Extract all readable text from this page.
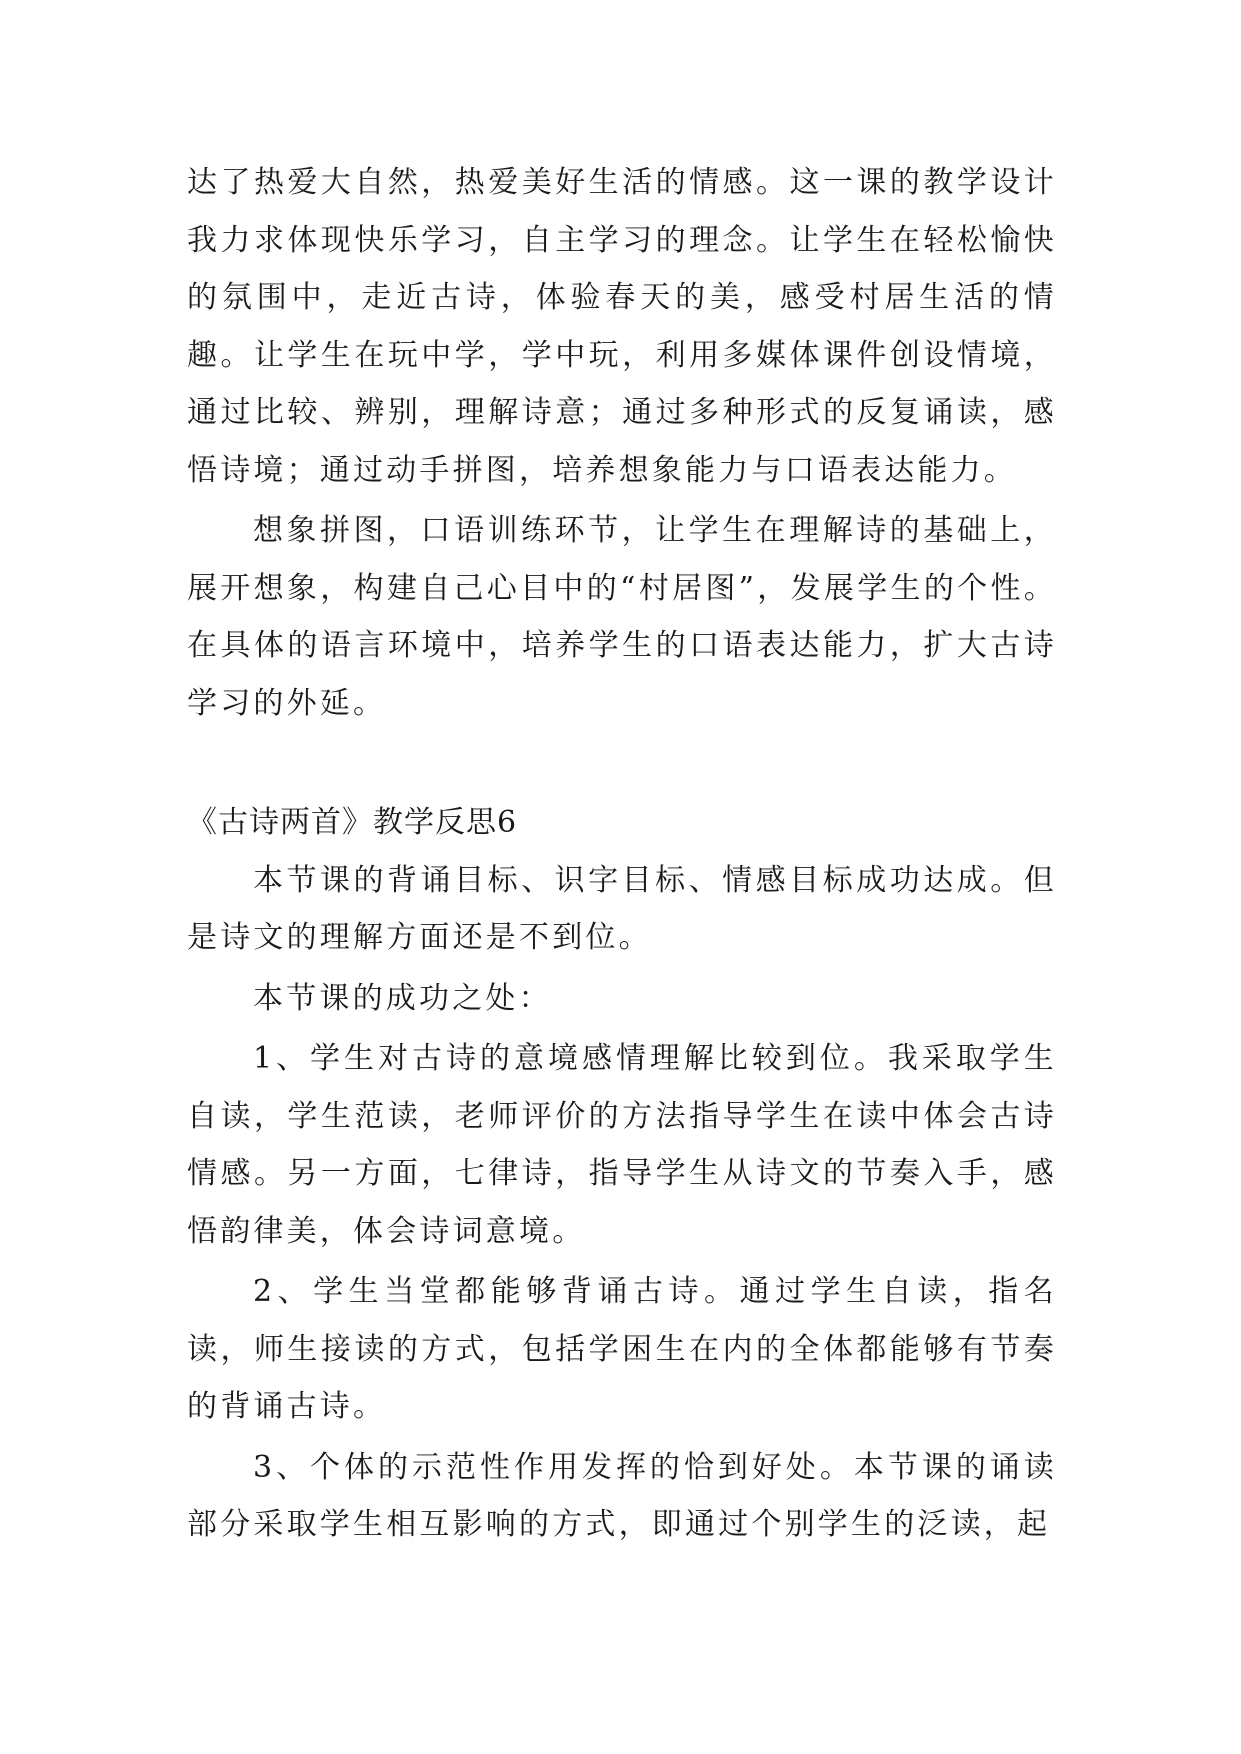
达了热爱大自然，热爱美好生活的情感。这一课的教学设计我力求体现快乐学习，自主学习的理念。让学生在轻松愉快的氛围中，走近古诗，体验春天的美，感受村居生活的情趣。让学生在玩中学，学中玩，利用多媒体课件创设情境，通过比较、辨别，理解诗意；通过多种形式的反复诵读，感悟诗境；通过动手拼图，培养想象能力与口语表达能力。

想象拼图，口语训练环节，让学生在理解诗的基础上，展开想象，构建自己心目中的“村居图”，发展学生的个性。在具体的语言环境中，培养学生的口语表达能力，扩大古诗学习的外延。

《古诗两首》教学反思6

本节课的背诵目标、识字目标、情感目标成功达成。但是诗文的理解方面还是不到位。

本节课的成功之处：

1、学生对古诗的意境感情理解比较到位。我采取学生自读，学生范读，老师评价的方法指导学生在读中体会古诗情感。另一方面，七律诗，指导学生从诗文的节奏入手，感悟韵律美，体会诗词意境。

2、学生当堂都能够背诵古诗。通过学生自读，指名读，师生接读的方式，包括学困生在内的全体都能够有节奏的背诵古诗。

3、个体的示范性作用发挥的恰到好处。本节课的诵读部分采取学生相互影响的方式，即通过个别学生的泛读，起
